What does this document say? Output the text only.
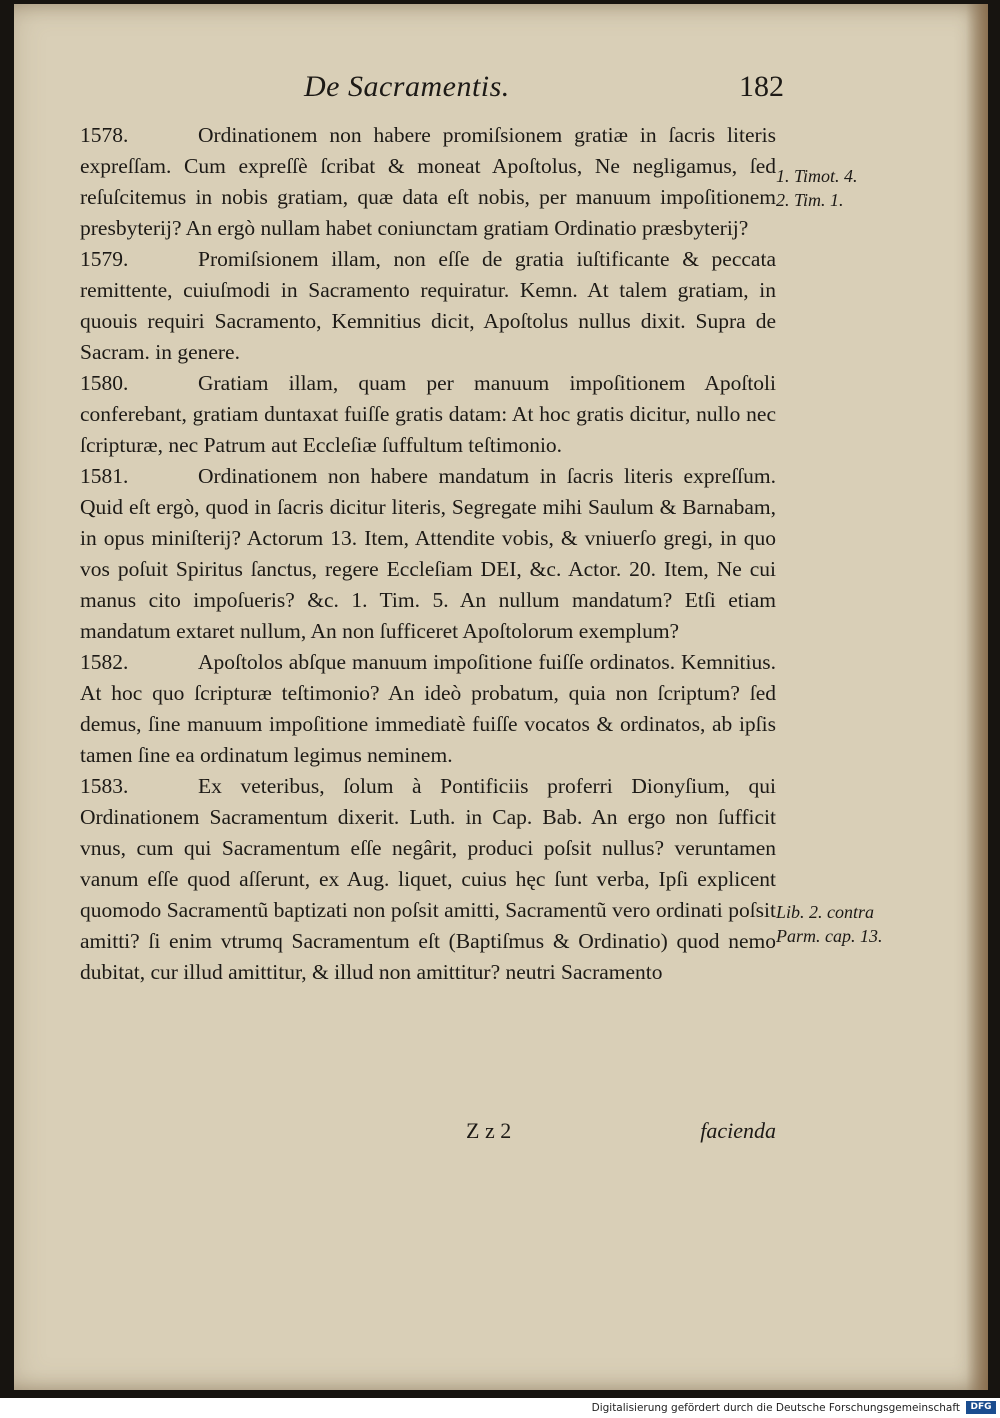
De Sacramentis.	182

1578.	Ordinationem non habere promiſsionem gratiæ in ſacris literis expreſſam. Cum expreſſè ſcribat & moneat Apoſtolus, Ne negligamus, ſed reſuſcitemus in nobis gratiam, quæ data eſt nobis, per manuum impoſitionem presbyterij? An ergò nullam habet coniunctam gratiam Ordinatio præsbyterij?

1579.	Promiſsionem illam, non eſſe de gratia iuſtificante & peccata remittente, cuiuſmodi in Sacramento requiratur. Kemn. At talem gratiam, in quouis requiri Sacramento, Kemnitius dicit, Apoſtolus nullus dixit. Supra de Sacram. in genere.

1580.	Gratiam illam, quam per manuum impoſitionem Apoſtoli conferebant, gratiam duntaxat fuiſſe gratis datam: At hoc gratis dicitur, nullo nec ſcripturæ, nec Patrum aut Eccleſiæ ſuffultum teſtimonio.

1581.	Ordinationem non habere mandatum in ſacris literis expreſſum. Quid eſt ergò, quod in ſacris dicitur literis, Segregate mihi Saulum & Barnabam, in opus miniſterij? Actorum 13. Item, Attendite vobis, & vniuerſo gregi, in quo vos poſuit Spiritus ſanctus, regere Eccleſiam DEI, &c. Actor. 20. Item, Ne cui manus cito impoſueris? &c. 1. Tim. 5. An nullum mandatum? Etſi etiam mandatum extaret nullum, An non ſufficeret Apoſtolorum exemplum?

1582.	Apoſtolos abſque manuum impoſitione fuiſſe ordinatos. Kemnitius. At hoc quo ſcripturæ teſtimonio? An ideò probatum, quia non ſcriptum? ſed demus, ſine manuum impoſitione immediatè fuiſſe vocatos & ordinatos, ab ipſis tamen ſine ea ordinatum legimus neminem.

1583.	Ex veteribus, ſolum à Pontificiis proferri Dionyſium, qui Ordinationem Sacramentum dixerit. Luth. in Cap. Bab. An ergo non ſufficit vnus, cum qui Sacramentum eſſe negârit, produci poſsit nullus? veruntamen vanum eſſe quod aſſerunt, ex Aug. liquet, cuius hęc ſunt verba, Ipſi explicent quomodo Sacramentũ baptizati non poſsit amitti, Sacramentũ vero ordinati poſsit amitti? ſi enim vtrumq Sacramentum eſt (Baptiſmus & Ordinatio) quod nemo dubitat, cur illud amittitur, & illud non amittitur? neutri Sacramento

1. Timot. 4.
2. Tim. 1.
Lib. 2. contra
Parm. cap. 13.
Z z 2	facienda
Digitalisierung gefördert durch die Deutsche Forschungsgemeinschaft	DFG
